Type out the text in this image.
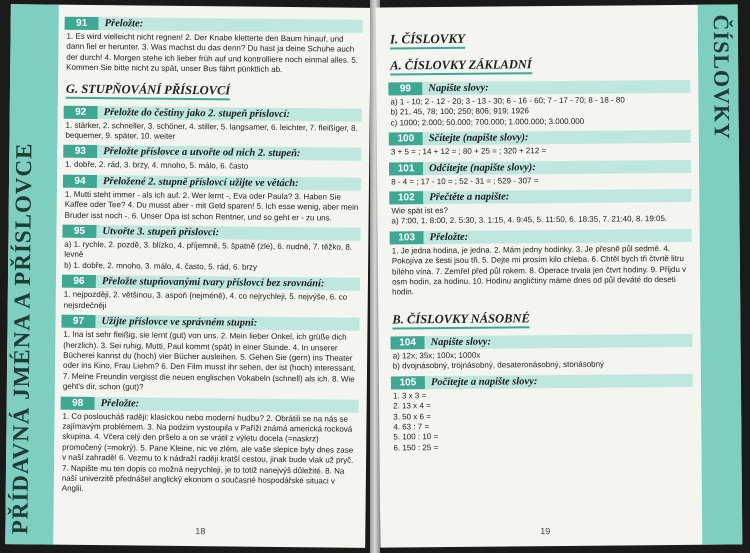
PŘÍDAVNÁ JMÉNA A PŘÍSLOVCE
91	Přeložte:
1. Es wird vielleicht nicht regnen! 2. Der Knabe kletterte den Baum hinauf, und dann fiel er herunter. 3. Was machst du das denn? Du hast ja deine Schuhe auch der durch! 4. Morgen stehe ich lieber früh auf und kontrolliere noch einmal alles. 5. Kommen Sie bitte nicht zu spät, unser Bus fährt pünktlich ab.
G. STUPŇOVÁNÍ PŘÍSLOVCÍ
92	Přeložte do češtiny jako 2. stupeň příslovcí:
1. stärker, 2. schneller, 3. schöner, 4. stiller, 5. langsamer, 6. leichter, 7. fleißiger, 8. bequemer, 9. später, 10. weiter
93	Přeložte příslovce a utvořte od nich 2. stupeň:
1. dobře, 2. rád, 3. brzy, 4. mnoho, 5. málo, 6. často
94	Přeložené 2. stupně příslovcí užijte ve větách:
1. Mutti steht immer - als ich auf. 2. Wer lernt -, Eva oder Paula? 3. Haben Sie Kaffee oder Tee? 4. Du musst aber - mit Geld sparen! 5. Ich esse wenig, aber mein Bruder isst noch -. 6. Unser Opa ist schon Rentner, und so geht er - zu uns.
95	Utvořte 3. stupeň příslovcí:
a) 1. rychle, 2. pozdě, 3. blízko, 4. příjemně, 5. špatně (zle), 6. nudně, 7. těžko, 8. levně
b) 1. dobře, 2. mnoho, 3. málo, 4. často, 5. rád, 6. brzy
96	Přeložte stupňovanými tvary příslovcí bez srovnání:
1. nejpozději, 2. většinou, 3. aspoň (nejméně), 4. co nejrychleji, 5. nejvýše, 6. co nejsrdečněji
97	Užijte příslovce ve správném stupni:
1. Ina ist sehr fleißig, sie lernt (gut) von uns. 2. Mein lieber Onkel, ich grüße dich (herzlich). 3. Sei ruhig, Mutti, Paul kommt (spät) in einer Stunde. 4. In unserer Bücherei kannst du (hoch) vier Bücher ausleihen. 5. Gehen Sie (gern) ins Theater oder ins Kino, Frau Liehm? 6. Den Film musst ihr sehen, der ist (hoch) interessant. 7. Meine Freundin vergisst die neuen englischen Vokabeln (schnell) als ich. 8. Wie geht's dir, schon (gut)?
98	Přeložte:
1. Co posloucháš raději: klasickou nebo moderní hudbu? 2. Obrátili se na nás se zajímavým problémem. 3. Na podzim vystoupila v Paříži známá americká rocková skupina. 4. Včera celý den pršelo a on se vrátil z výletu docela (=naskrz) promočený (=mokrý). 5. Pane Kleine, nic ve zlém, ale vaše slepice byly dnes zase v naší zahradě! 6. Vezmu to k nádraží raději kratší cestou, jinak bude vlak už pryč. 7. Napište mu ten dopis co možná nejrychleji, je to totiž nanejvýš důležité. 8. Na naší univerzitě přednášel anglický ekonom o současné hospodářské situaci v Anglii.
18
ČÍSLOVKY
I. ČÍSLOVKY
A. ČÍSLOVKY ZÁKLADNÍ
99	Napište slovy:
a) 1 - 10; 2 - 12 - 20; 3 - 13 - 30; 6 - 16 - 60; 7 - 17 - 70; 8 - 18 - 80
b) 21, 45, 78; 100; 250; 806; 919; 1926
c) 1000; 2.000; 50.000; 700.000; 1.000.000; 3.000.000
100	Sčítejte (napište slovy):
3 + 5 = ; 14 + 12 = ; 80 + 25 = ; 320 + 212 =
101	Odčítejte (napište slovy):
8 - 4 = ; 17 - 10 = ; 52 - 31 = ; 529 - 307 =
102	Přečtěte a napište:
Wie spät ist es?
a) 7:00, 1. 8:00, 2. 5:30, 3. 1:15, 4. 9:45, 5. 11:50, 6. 18:35, 7. 21:40, 8. 19:05.
103	Přeložte:
1. Je jedna hodina, je jedna. 2. Mám jedny hodinky. 3. Je přesně půl sedmé. 4. Pokojíva ze šesti jsou tři. 5. Dejte mi prosím kilo chleba. 6. Chtěl bych tři čtvrtě litru bílého vína. 7. Zemřel před půl rokem. 8. Operace trvala jen čtvrt hodiny. 9. Přijdu v osm hodin, za hodinu. 10. Hodinu angličtiny máme dnes od půl deváté do deseti hodin.
B. ČÍSLOVKY NÁSOBNÉ
104	Napište slovy:
a) 12x; 35x; 100x; 1000x
b) dvojnásobný, trojnásobný, desateronásobný, stonásobný
105	Počítejte a napište slovy:
1. 3 x 3 =
2. 13 x 4 =
3. 50 x 6 =
4. 63 : 7 =
5. 100 : 10 =
6. 150 : 25 =
19
